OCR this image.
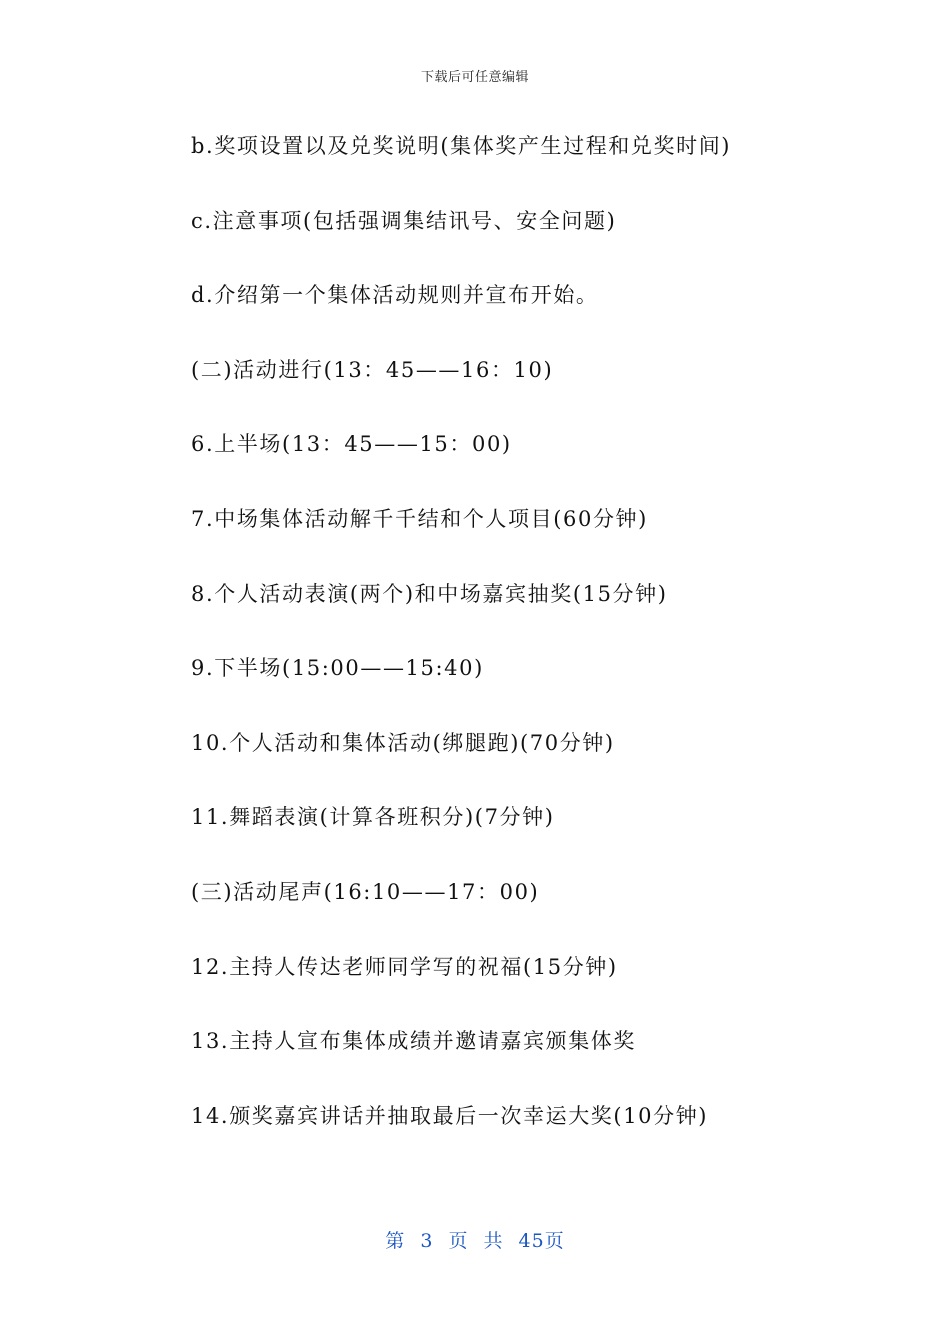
下载后可任意编辑
b.奖项设置以及兑奖说明(集体奖产生过程和兑奖时间)
c.注意事项(包括强调集结讯号、安全问题)
d.介绍第一个集体活动规则并宣布开始。
(二)活动进行(13：45——16：10)
6.上半场(13：45——15：00)
7.中场集体活动解千千结和个人项目(60分钟)
8.个人活动表演(两个)和中场嘉宾抽奖(15分钟)
9.下半场(15:00——15:40)
10.个人活动和集体活动(绑腿跑)(70分钟)
11.舞蹈表演(计算各班积分)(7分钟)
(三)活动尾声(16:10——17：00)
12.主持人传达老师同学写的祝福(15分钟)
13.主持人宣布集体成绩并邀请嘉宾颁集体奖
14.颁奖嘉宾讲话并抽取最后一次幸运大奖(10分钟)
第 3 页 共 45页
